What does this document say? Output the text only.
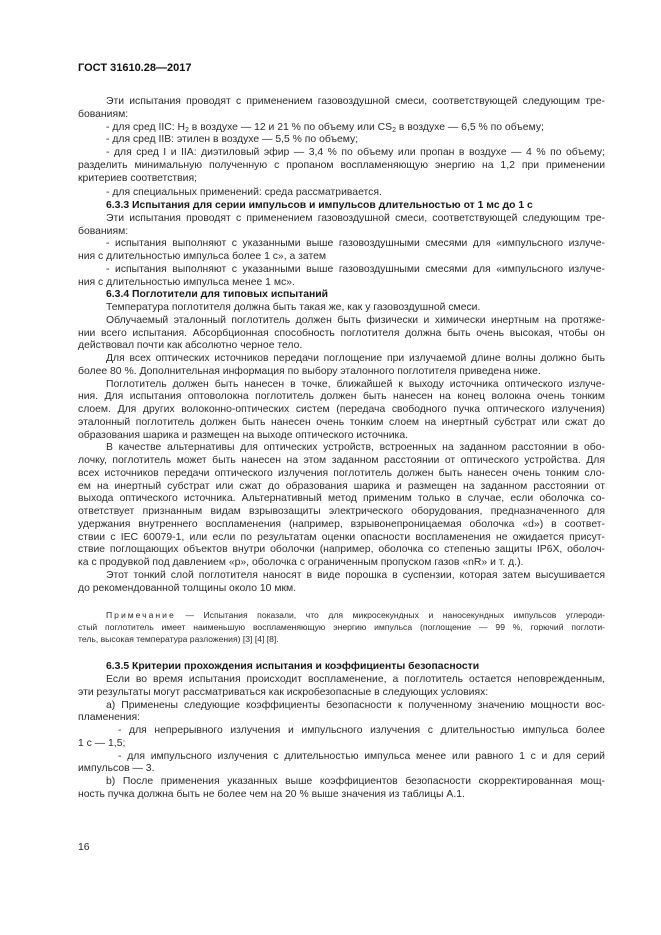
ГОСТ 31610.28—2017
Эти испытания проводят с применением газовоздушной смеси, соответствующей следующим тре-
бованиям:
- для сред IIC: $H_2$ в воздухе — 12 и 21 % по объему или $CS_2$ в воздухе — 6,5 % по объему;
- для сред IIB: этилен в воздухе — 5,5 % по объему;
- для сред I и IIA: диэтиловый эфир — 3,4 % по объему или пропан в воздухе — 4 % по объему;
разделить минимальную полученную с пропаном воспламеняющую энергию на 1,2 при применении
критериев соответствия;
- для специальных применений: среда рассматривается.
6.3.3 Испытания для серии импульсов и импульсов длительностью от 1 мс до 1 с
Эти испытания проводят с применением газовоздушной смеси, соответствующей следующим тре-
бованиям:
- испытания выполняют с указанными выше газовоздушными смесями для «импульсного излуче-
ния с длительностью импульса более 1 с», а затем
- испытания выполняют с указанными выше газовоздушными смесями для «импульсного излуче-
ния с длительностью импульса менее 1 мс».
6.3.4 Поглотители для типовых испытаний
Температура поглотителя должна быть такая же, как у газовоздушной смеси.
Облучаемый эталонный поглотитель должен быть физически и химически инертным на протяже-
нии всего испытания. Абсорбционная способность поглотителя должна быть очень высокая, чтобы он
действовал почти как абсолютно черное тело.
Для всех оптических источников передачи поглощение при излучаемой длине волны должно быть
более 80 %. Дополнительная информация по выбору эталонного поглотителя приведена ниже.
Поглотитель должен быть нанесен в точке, ближайшей к выходу источника оптического излуче-
ния. Для испытания оптоволокна поглотитель должен быть нанесен на конец волокна очень тонким
слоем. Для других волоконно-оптических систем (передача свободного пучка оптического излучения)
эталонный поглотитель должен быть нанесен очень тонким слоем на инертный субстрат или сжат до
образования шарика и размещен на выходе оптического источника.
В качестве альтернативы для оптических устройств, встроенных на заданном расстоянии в обо-
лочку, поглотитель может быть нанесен на этом заданном расстоянии от оптического устройства. Для
всех источников передачи оптического излучения поглотитель должен быть нанесен очень тонким сло-
ем на инертный субстрат или сжат до образования шарика и размещен на заданном расстоянии от
выхода оптического источника. Альтернативный метод применим только в случае, если оболочка со-
ответствует признанным видам взрывозащиты электрического оборудования, предназначенного для
удержания внутреннего воспламенения (например, взрывонепроницаемая оболочка «d») в соответ-
ствии с IEC 60079-1, или если по результатам оценки опасности воспламенения не ожидается присут-
ствие поглощающих объектов внутри оболочки (например, оболочка со степенью защиты IP6X, оболоч-
ка с продувкой под давлением «p», оболочка с ограниченным пропуском газов «nR» и т. д.).
Этот тонкий слой поглотителя наносят в виде порошка в суспензии, которая затем высушивается
до рекомендованной толщины около 10 мкм.
Примечание — Испытания показали, что для микросекундных и наносекундных импульсов углероди-
стый поглотитель имеет наименьшую воспламеняющую энергию импульса (поглощение — 99 %, горючий поглоти-
тель, высокая температура разложения) [3] [4] [8].
6.3.5 Критерии прохождения испытания и коэффициенты безопасности
Если во время испытания происходит воспламенение, а поглотитель остается неповрежденным,
эти результаты могут рассматриваться как искробезопасные в следующих условиях:
a) Применены следующие коэффициенты безопасности к полученному значению мощности вос-
пламенения:
- для непрерывного излучения и импульсного излучения с длительностью импульса более
1 с — 1,5;
- для импульсного излучения с длительностью импульса менее или равного 1 с и для серий
импульсов — 3.
b) После применения указанных выше коэффициентов безопасности скорректированная мощ-
ность пучка должна быть не более чем на 20 % выше значения из таблицы А.1.
16
